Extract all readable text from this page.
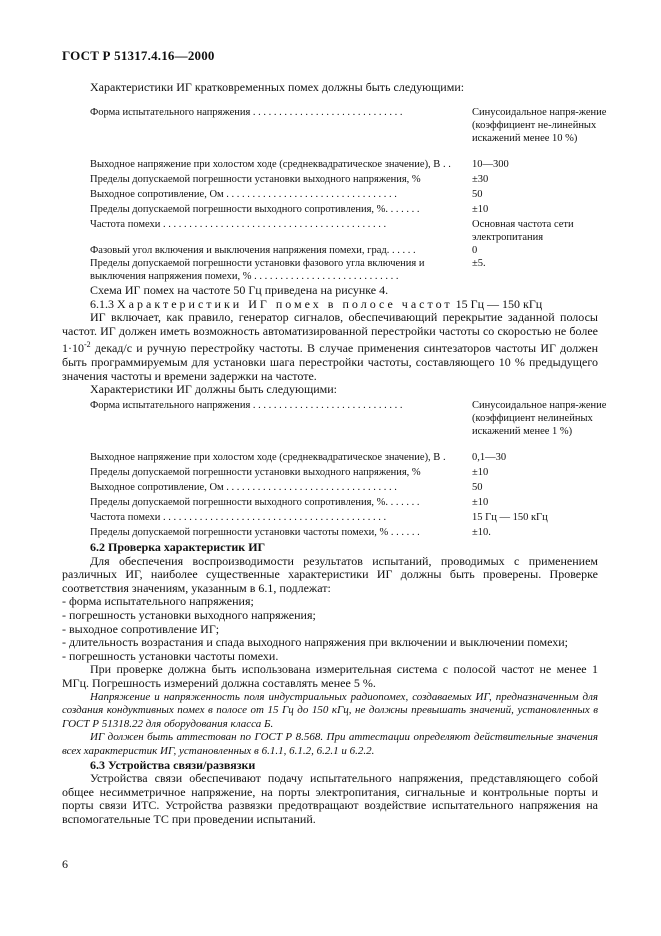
ГОСТ Р 51317.4.16—2000
Характеристики ИГ кратковременных помех должны быть следующими:
Форма испытательного напряжения . . . . . . . . . . . . . . . . . . . . . . . . . . . . .	Синусоидальное напря-жение (коэффициент не-линейных искажений менее 10 %)
Выходное напряжение при холостом ходе (среднеквадратическое значение), В . .	10—300
Пределы допускаемой погрешности установки выходного напряжения, %	±30
Выходное сопротивление, Ом . . . . . . . . . . . . . . . . . . . . . . . . . . . . . . . . .	50
Пределы допускаемой погрешности выходного сопротивления, %. . . . . . .	±10
Частота помехи . . . . . . . . . . . . . . . . . . . . . . . . . . . . . . . . . . . . . . . . . . .	Основная частота сети электропитания
Фазовый угол включения и выключения напряжения помехи, град. . . . . .	0
Пределы допускаемой погрешности установки фазового угла включения и выключения напряжения помехи, % . . . . . . . . . . . . . . . . . . . . . . . . . . . .	±5.

Схема ИГ помех на частоте 50 Гц приведена на рисунке 4.

6.1.3 Характеристики ИГ помех в полосе частот 15 Гц — 150 кГц

ИГ включает, как правило, генератор сигналов, обеспечивающий перекрытие заданной полосы частот. ИГ должен иметь возможность автоматизированной перестройки частоты со скоростью не более $1\cdot 10^{-2}$ декад/с и ручную перестройку частоты. В случае применения синтезаторов частоты ИГ должен быть программируемым для установки шага перестройки частоты, составляющего 10 % предыдущего значения частоты и времени задержки на частоте.

Характеристики ИГ должны быть следующими:

Форма испытательного напряжения . . . . . . . . . . . . . . . . . . . . . . . . . . . . .	Синусоидальное напря-жение (коэффициент нелинейных искажений менее 1 %)
Выходное напряжение при холостом ходе (среднеквадратическое значение), В .	0,1—30
Пределы допускаемой погрешности установки выходного напряжения, %	±10
Выходное сопротивление, Ом . . . . . . . . . . . . . . . . . . . . . . . . . . . . . . . . .	50
Пределы допускаемой погрешности выходного сопротивления, %. . . . . . .	±10
Частота помехи . . . . . . . . . . . . . . . . . . . . . . . . . . . . . . . . . . . . . . . . . . .	15 Гц — 150 кГц
Пределы допускаемой погрешности установки частоты помехи, % . . . . . .	±10.

6.2 Проверка характеристик ИГ

Для обеспечения воспроизводимости результатов испытаний, проводимых с применением различных ИГ, наиболее существенные характеристики ИГ должны быть проверены. Проверке соответствия значениям, указанным в 6.1, подлежат:

- форма испытательного напряжения;

- погрешность установки выходного напряжения;

- выходное сопротивление ИГ;

- длительность возрастания и спада выходного напряжения при включении и выключении помехи;

- погрешность установки частоты помехи.

При проверке должна быть использована измерительная система с полосой частот не менее 1 МГц. Погрешность измерений должна составлять менее 5 %.

Напряжение и напряженность поля индустриальных радиопомех, создаваемых ИГ, предназначенным для создания кондуктивных помех в полосе от 15 Гц до 150 кГц, не должны превышать значений, установленных в ГОСТ Р 51318.22 для оборудования класса Б.

ИГ должен быть аттестован по ГОСТ Р 8.568. При аттестации определяют действительные значения всех характеристик ИГ, установленных в 6.1.1, 6.1.2, 6.2.1 и 6.2.2.

6.3 Устройства связи/развязки

Устройства связи обеспечивают подачу испытательного напряжения, представляющего собой общее несимметричное напряжение, на порты электропитания, сигнальные и контрольные порты и порты связи ИТС. Устройства развязки предотвращают воздействие испытательного напряжения на вспомогательные ТС при проведении испытаний.

6
